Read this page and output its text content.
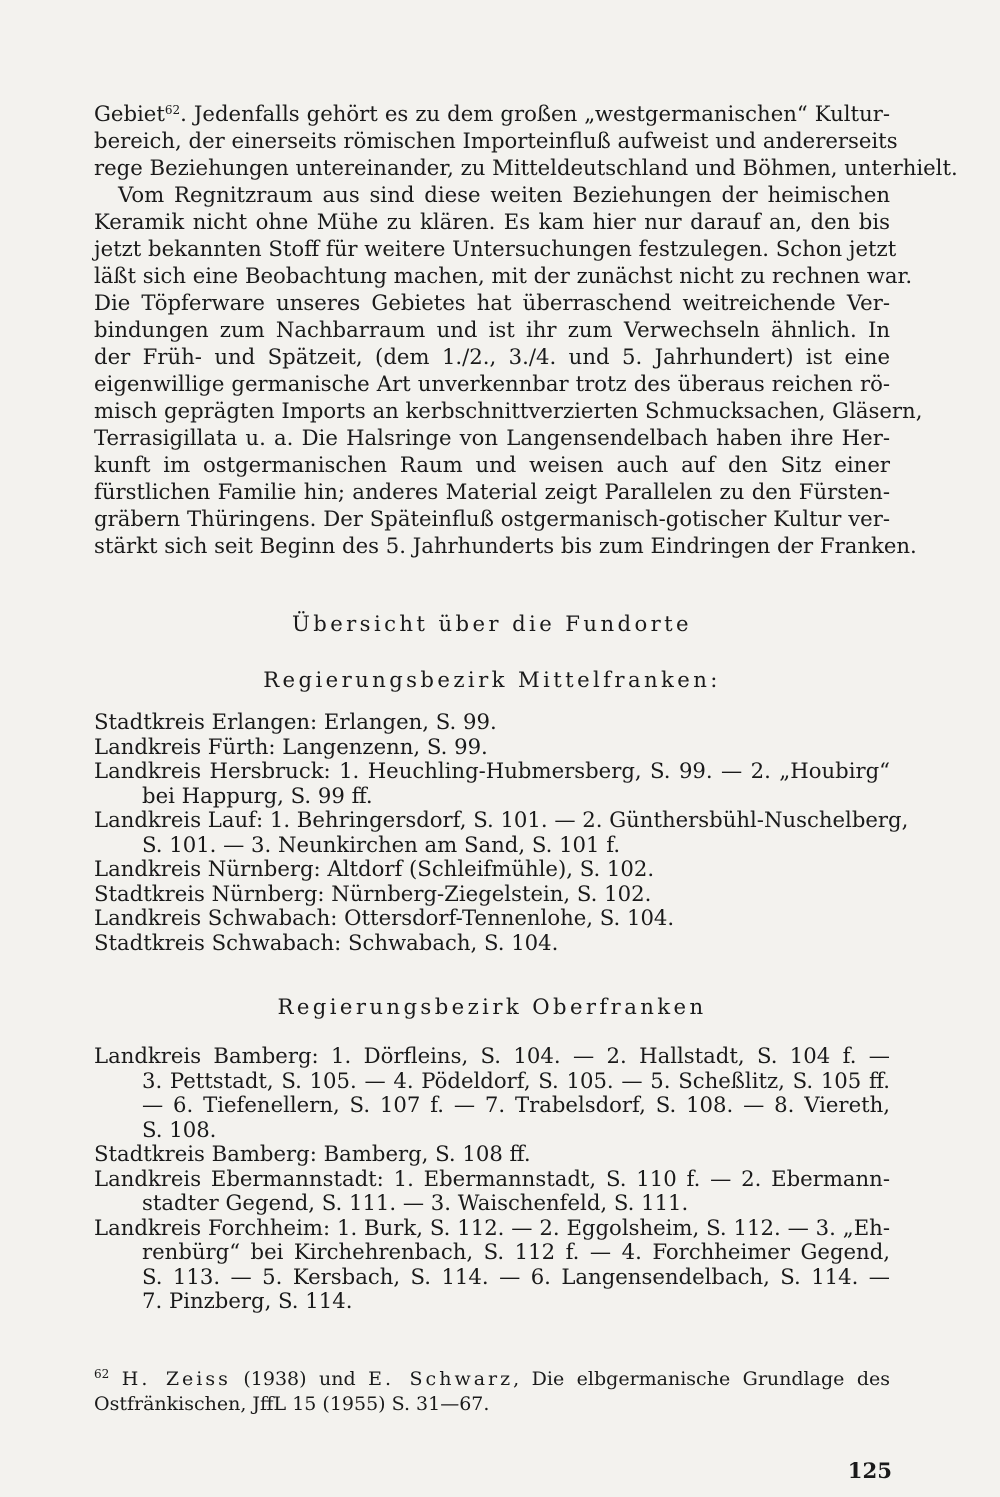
Gebiet$^{62}$. Jedenfalls gehört es zu dem großen „westgermanischen“ Kultur-
bereich, der einerseits römischen Importeinfluß aufweist und andererseits
rege Beziehungen untereinander, zu Mitteldeutschland und Böhmen, unterhielt.

Vom Regnitzraum aus sind diese weiten Beziehungen der heimischen
Keramik nicht ohne Mühe zu klären. Es kam hier nur darauf an, den bis
jetzt bekannten Stoff für weitere Untersuchungen festzulegen. Schon jetzt
läßt sich eine Beobachtung machen, mit der zunächst nicht zu rechnen war.
Die Töpferware unseres Gebietes hat überraschend weitreichende Ver-
bindungen zum Nachbarraum und ist ihr zum Verwechseln ähnlich. In
der Früh- und Spätzeit, (dem 1./2., 3./4. und 5. Jahrhundert) ist eine
eigenwillige germanische Art unverkennbar trotz des überaus reichen rö-
misch geprägten Imports an kerbschnittverzierten Schmucksachen, Gläsern,
Terrasigillata u. a. Die Halsringe von Langensendelbach haben ihre Her-
kunft im ostgermanischen Raum und weisen auch auf den Sitz einer
fürstlichen Familie hin; anderes Material zeigt Parallelen zu den Fürsten-
gräbern Thüringens. Der Späteinfluß ostgermanisch-gotischer Kultur ver-
stärkt sich seit Beginn des 5. Jahrhunderts bis zum Eindringen der Franken.

Übersicht über die Fundorte

Regierungsbezirk Mittelfranken:

Stadtkreis Erlangen: Erlangen, S. 99.

Landkreis Fürth: Langenzenn, S. 99.

Landkreis Hersbruck: 1. Heuchling-Hubmersberg, S. 99. — 2. „Houbirg“
bei Happurg, S. 99 ff.

Landkreis Lauf: 1. Behringersdorf, S. 101. — 2. Günthersbühl-Nuschelberg,
S. 101. — 3. Neunkirchen am Sand, S. 101 f.

Landkreis Nürnberg: Altdorf (Schleifmühle), S. 102.

Stadtkreis Nürnberg: Nürnberg-Ziegelstein, S. 102.

Landkreis Schwabach: Ottersdorf-Tennenlohe, S. 104.

Stadtkreis Schwabach: Schwabach, S. 104.

Regierungsbezirk Oberfranken

Landkreis Bamberg: 1. Dörfleins, S. 104. — 2. Hallstadt, S. 104 f. —
3. Pettstadt, S. 105. — 4. Pödeldorf, S. 105. — 5. Scheßlitz, S. 105 ff.
— 6. Tiefenellern, S. 107 f. — 7. Trabelsdorf, S. 108. — 8. Viereth,
S. 108.

Stadtkreis Bamberg: Bamberg, S. 108 ff.

Landkreis Ebermannstadt: 1. Ebermannstadt, S. 110 f. — 2. Ebermann-
stadter Gegend, S. 111. — 3. Waischenfeld, S. 111.

Landkreis Forchheim: 1. Burk, S. 112. — 2. Eggolsheim, S. 112. — 3. „Eh-
renbürg“ bei Kirchehrenbach, S. 112 f. — 4. Forchheimer Gegend,
S. 113. — 5. Kersbach, S. 114. — 6. Langensendelbach, S. 114. —
7. Pinzberg, S. 114.

$^{62}$ H. Zeiss (1938) und E. Schwarz, Die elbgermanische Grundlage des
Ostfränkischen, JffL 15 (1955) S. 31—67.
125
